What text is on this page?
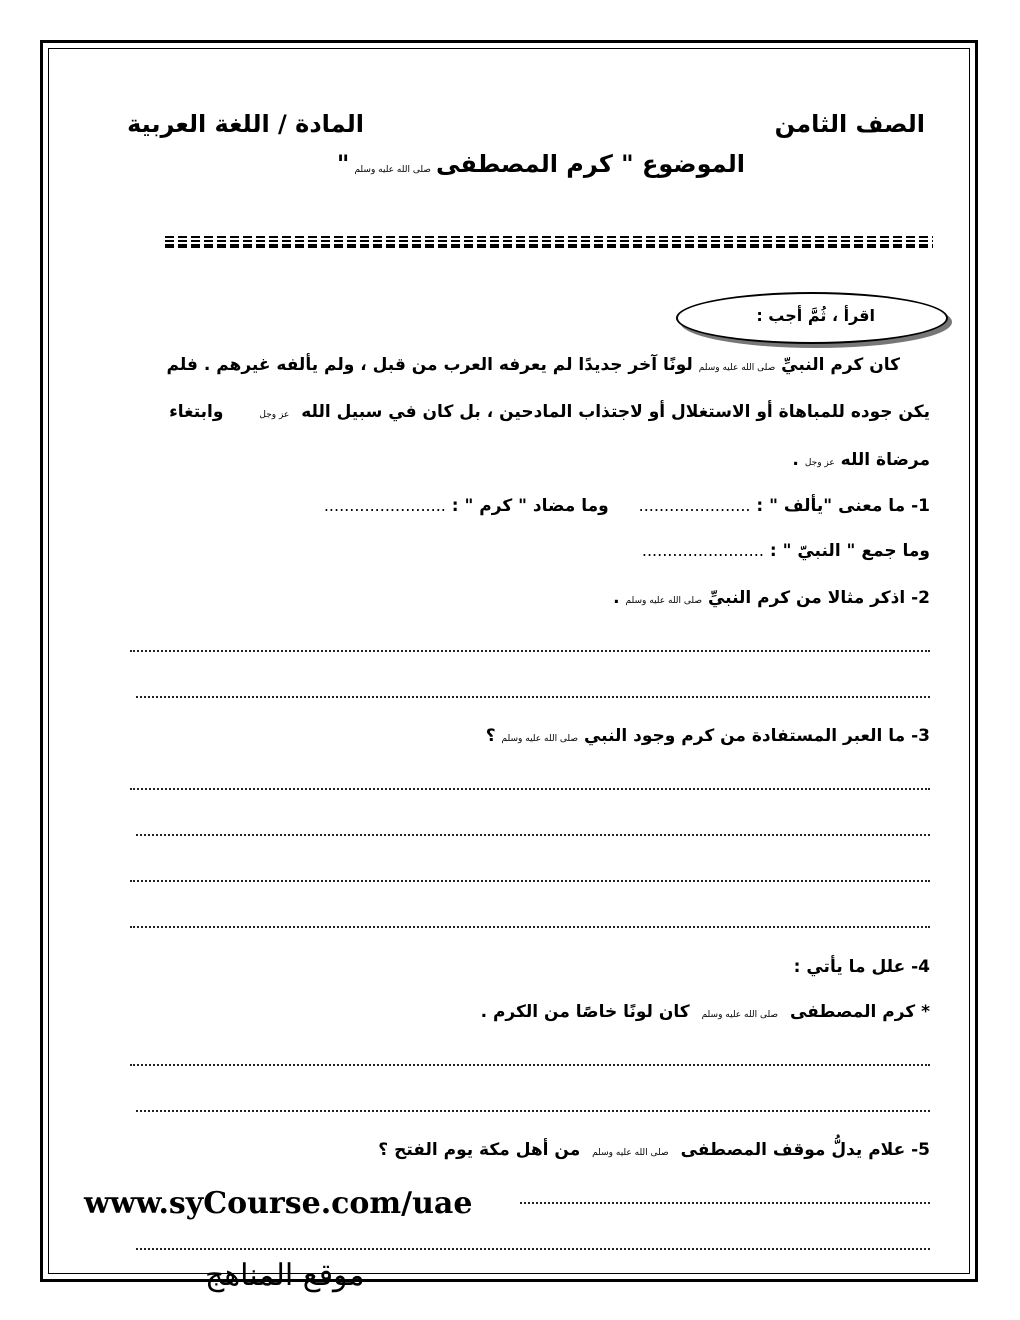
الصف الثامن
المادة / اللغة العربية
الموضوع " كرم المصطفى صلى الله عليه وسلم "
اقرأ ، ثُمَّ أجب :
كان كرم النبيِّ صلى الله عليه وسلم لونًا آخر جديدًا لم يعرفه العرب من قبل ، ولم يألفه غيرهم . فلم
يكن جوده للمباهاة أو الاستغلال أو لاجتذاب المادحين ، بل كان في سبيل الله عز وجل وابتغاء
مرضاة الله عز وجل .
1- ما معنى "يألف " : ...................... وما مضاد " كرم " : ........................
وما جمع " النبيّ " : ........................
2- اذكر مثالا من كرم النبيِّ صلى الله عليه وسلم .
3- ما العبر المستفادة من كرم وجود النبي صلى الله عليه وسلم ؟
4- علل ما يأتي :
* كرم المصطفى صلى الله عليه وسلم كان لونًا خاصًا من الكرم .
5- علام يدلُّ موقف المصطفى صلى الله عليه وسلم من أهل مكة يوم الفتح ؟
www.syCourse.com/uae
موقع المناهج
